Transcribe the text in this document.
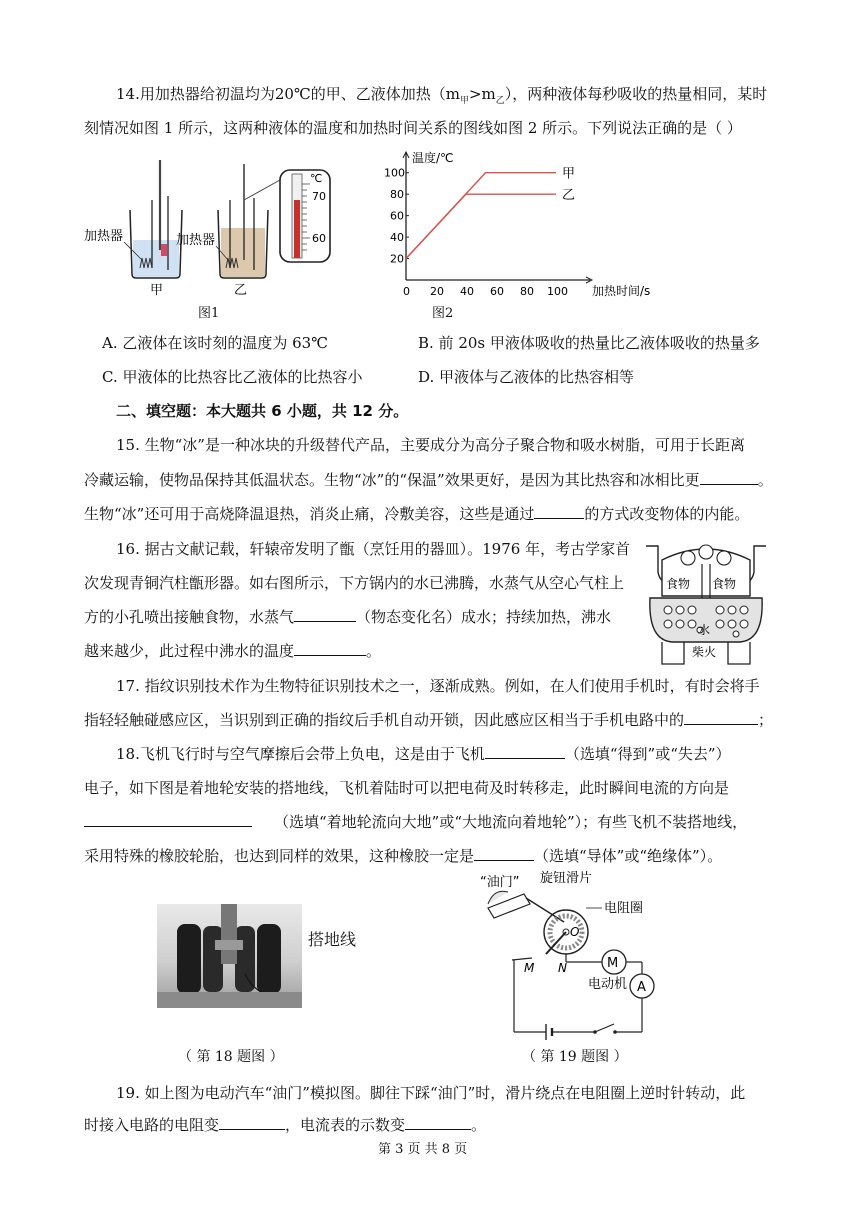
14.用加热器给初温均为20℃的甲、乙液体加热$(m_甲>m_乙)$，两种液体每秒吸收的热量相同，某时
刻情况如图 1 所示，这两种液体的温度和加热时间关系的图线如图 2 所示。下列说法正确的是（ ）
℃
70
60
加热器	加热器
甲	乙
图1
0 20 40 60 80 100
20
40
60
80
100
加热时间/s
温度/℃
甲
乙
图2
A. 乙液体在该时刻的温度为 63℃	B. 前 20s 甲液体吸收的热量比乙液体吸收的热量多
C. 甲液体的比热容比乙液体的比热容小	D. 甲液体与乙液体的比热容相等
二、填空题：本大题共 6 小题，共 12 分。
15. 生物“冰”是一种冰块的升级替代产品，主要成分为高分子聚合物和吸水树脂，可用于长距离
冷藏运输，使物品保持其低温状态。生物“冰”的“保温”效果更好，是因为其比热容和冰相比更	。
生物“冰”还可用于高烧降温退热，消炎止痛，冷敷美容，这些是通过	的方式改变物体的内能。
16. 据古文献记载，轩辕帝发明了甑（烹饪用的器皿）。1976 年，考古学家首
次发现青铜汽柱甑形器。如右图所示，下方锅内的水已沸腾，水蒸气从空心气柱上
方的小孔喷出接触食物，水蒸气	（物态变化名）成水；持续加热，沸水
越来越少，此过程中沸水的温度	。
食物 食物
水
柴火
17. 指纹识别技术作为生物特征识别技术之一，逐渐成熟。例如，在人们使用手机时，有时会将手
指轻轻触碰感应区，当识别到正确的指纹后手机自动开锁，因此感应区相当于手机电路中的	；
18.飞机飞行时与空气摩擦后会带上负电，这是由于飞机	（选填“得到”或“失去”）
电子，如下图是着地轮安装的搭地线，飞机着陆时可以把电荷及时转移走，此时瞬间电流的方向是
（选填“着地轮流向大地”或“大地流向着地轮”）；有些飞机不装搭地线，
采用特殊的橡胶轮胎，也达到同样的效果，这种橡胶一定是	（选填“导体”或“绝缘体”）。
搭地线
（ 第 18 题图 ）
M
A
“油门” 旋钮滑片
电阻圈
O
M N
电动机
（ 第 19 题图 ）
19. 如上图为电动汽车“油门”模拟图。脚往下踩“油门”时，滑片绕点在电阻圈上逆时针转动，此
时接入电路的电阻变	，电流表的示数变	。
第 3 页 共 8 页
